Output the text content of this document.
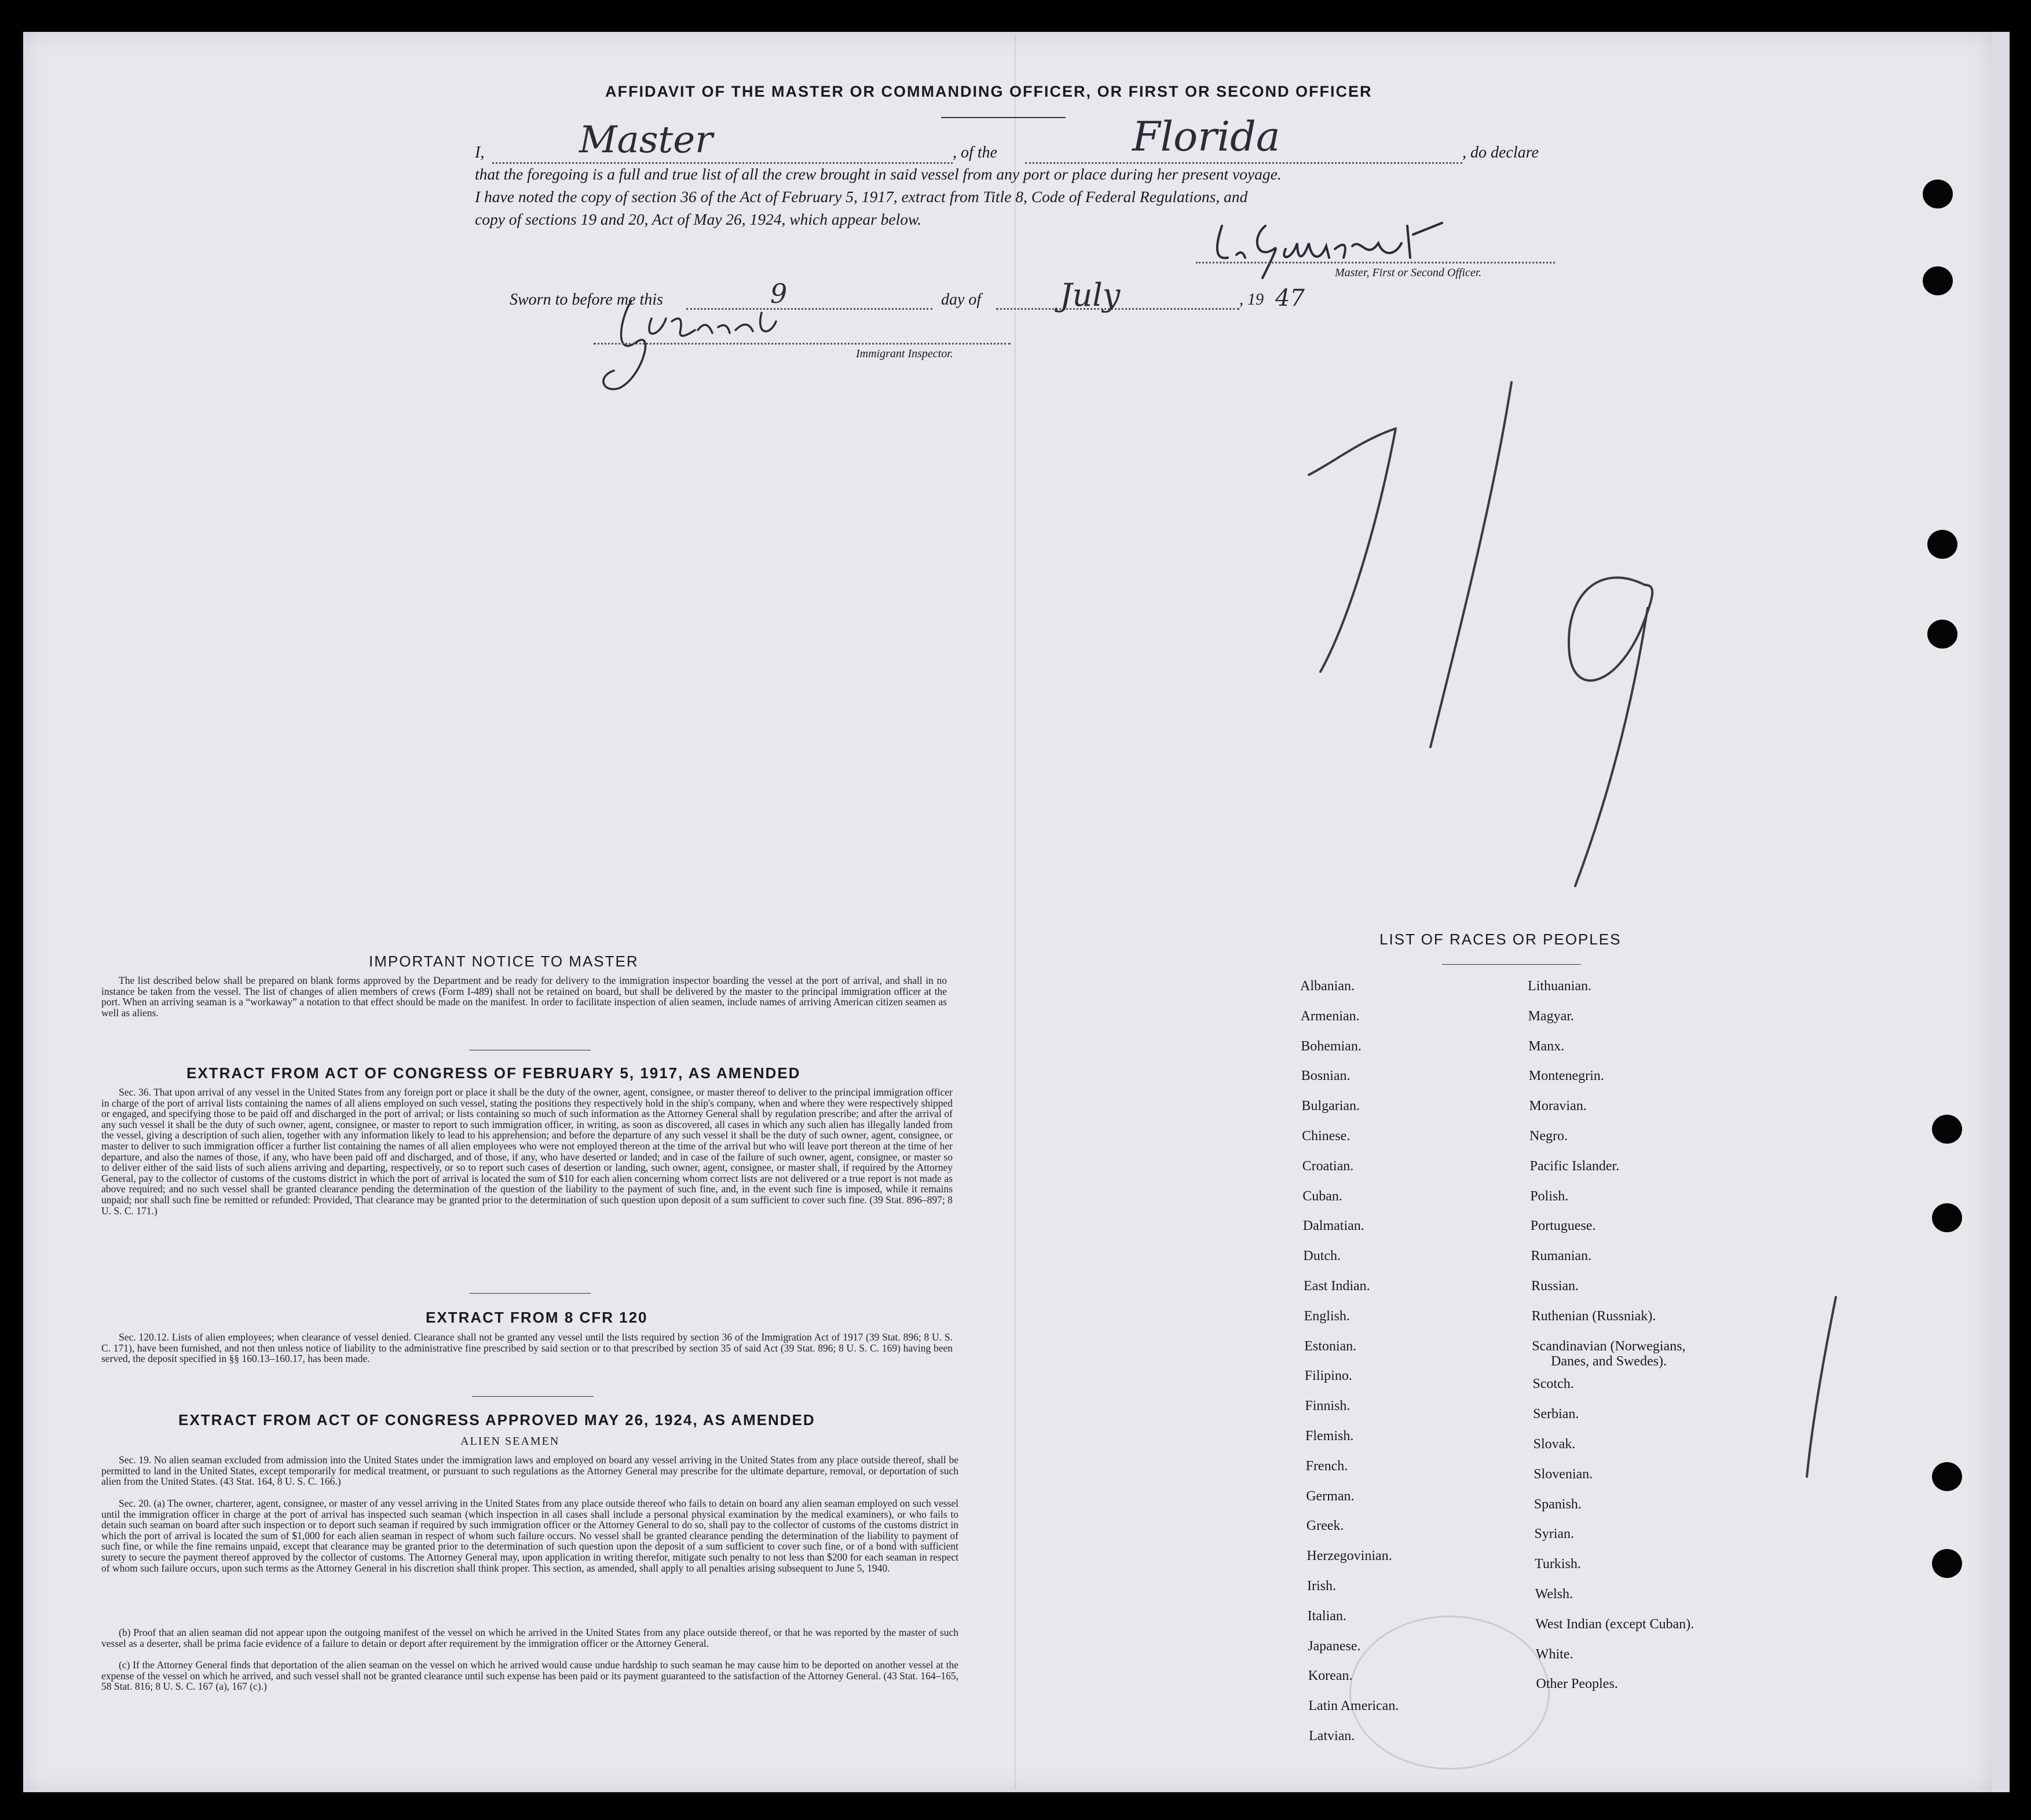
AFFIDAVIT OF THE MASTER OR COMMANDING OFFICER, OR FIRST OR SECOND OFFICER
I,	Master	, of the	Florida	, do declare
that the foregoing is a full and true list of all the crew brought in said vessel from any port or place during her present voyage.
I have noted the copy of section 36 of the Act of February 5, 1917, extract from Title 8, Code of Federal Regulations, and
copy of sections 19 and 20, Act of May 26, 1924, which appear below.
Master, First or Second Officer.
Sworn to before me this	9	day of	July	, 19 47
Immigrant Inspector.
IMPORTANT NOTICE TO MASTER
The list described below shall be prepared on blank forms approved by the Department and be ready for delivery to the immigration inspector boarding the vessel at the port of arrival, and shall in no instance be taken from the vessel. The list of changes of alien members of crews (Form I-489) shall not be retained on board, but shall be delivered by the master to the principal immigration officer at the port. When an arriving seaman is a “workaway” a notation to that effect should be made on the manifest. In order to facilitate inspection of alien seamen, include names of arriving American citizen seamen as well as aliens.
EXTRACT FROM ACT OF CONGRESS OF FEBRUARY 5, 1917, AS AMENDED
Sec. 36. That upon arrival of any vessel in the United States from any foreign port or place it shall be the duty of the owner, agent, consignee, or master thereof to deliver to the principal immigration officer in charge of the port of arrival lists containing the names of all aliens employed on such vessel, stating the positions they respectively hold in the ship's company, when and where they were respectively shipped or engaged, and specifying those to be paid off and discharged in the port of arrival; or lists containing so much of such information as the Attorney General shall by regulation prescribe; and after the arrival of any such vessel it shall be the duty of such owner, agent, consignee, or master to report to such immigration officer, in writing, as soon as discovered, all cases in which any such alien has illegally landed from the vessel, giving a description of such alien, together with any information likely to lead to his apprehension; and before the departure of any such vessel it shall be the duty of such owner, agent, consignee, or master to deliver to such immigration officer a further list containing the names of all alien employees who were not employed thereon at the time of the arrival but who will leave port thereon at the time of her departure, and also the names of those, if any, who have been paid off and discharged, and of those, if any, who have deserted or landed; and in case of the failure of such owner, agent, consignee, or master so to deliver either of the said lists of such aliens arriving and departing, respectively, or so to report such cases of desertion or landing, such owner, agent, consignee, or master shall, if required by the Attorney General, pay to the collector of customs of the customs district in which the port of arrival is located the sum of $10 for each alien concerning whom correct lists are not delivered or a true report is not made as above required; and no such vessel shall be granted clearance pending the determination of the question of the liability to the payment of such fine, and, in the event such fine is imposed, while it remains unpaid; nor shall such fine be remitted or refunded: Provided, That clearance may be granted prior to the determination of such question upon deposit of a sum sufficient to cover such fine. (39 Stat. 896–897; 8 U. S. C. 171.)
EXTRACT FROM 8 CFR 120
Sec. 120.12. Lists of alien employees; when clearance of vessel denied. Clearance shall not be granted any vessel until the lists required by section 36 of the Immigration Act of 1917 (39 Stat. 896; 8 U. S. C. 171), have been furnished, and not then unless notice of liability to the administrative fine prescribed by said section or to that prescribed by section 35 of said Act (39 Stat. 896; 8 U. S. C. 169) having been served, the deposit specified in §§ 160.13–160.17, has been made.
EXTRACT FROM ACT OF CONGRESS APPROVED MAY 26, 1924, AS AMENDED
ALIEN SEAMEN
Sec. 19. No alien seaman excluded from admission into the United States under the immigration laws and employed on board any vessel arriving in the United States from any place outside thereof, shall be permitted to land in the United States, except temporarily for medical treatment, or pursuant to such regulations as the Attorney General may prescribe for the ultimate departure, removal, or deportation of such alien from the United States. (43 Stat. 164, 8 U. S. C. 166.)
Sec. 20. (a) The owner, charterer, agent, consignee, or master of any vessel arriving in the United States from any place outside thereof who fails to detain on board any alien seaman employed on such vessel until the immigration officer in charge at the port of arrival has inspected such seaman (which inspection in all cases shall include a personal physical examination by the medical examiners), or who fails to detain such seaman on board after such inspection or to deport such seaman if required by such immigration officer or the Attorney General to do so, shall pay to the collector of customs of the customs district in which the port of arrival is located the sum of $1,000 for each alien seaman in respect of whom such failure occurs. No vessel shall be granted clearance pending the determination of the liability to payment of such fine, or while the fine remains unpaid, except that clearance may be granted prior to the determination of such question upon the deposit of a sum sufficient to cover such fine, or of a bond with sufficient surety to secure the payment thereof approved by the collector of customs. The Attorney General may, upon application in writing therefor, mitigate such penalty to not less than $200 for each seaman in respect of whom such failure occurs, upon such terms as the Attorney General in his discretion shall think proper. This section, as amended, shall apply to all penalties arising subsequent to June 5, 1940.
(b) Proof that an alien seaman did not appear upon the outgoing manifest of the vessel on which he arrived in the United States from any place outside thereof, or that he was reported by the master of such vessel as a deserter, shall be prima facie evidence of a failure to detain or deport after requirement by the immigration officer or the Attorney General.
(c) If the Attorney General finds that deportation of the alien seaman on the vessel on which he arrived would cause undue hardship to such seaman he may cause him to be deported on another vessel at the expense of the vessel on which he arrived, and such vessel shall not be granted clearance until such expense has been paid or its payment guaranteed to the satisfaction of the Attorney General. (43 Stat. 164–165, 58 Stat. 816; 8 U. S. C. 167 (a), 167 (c).)
LIST OF RACES OR PEOPLES
Albanian.
Armenian.
Bohemian.
Bosnian.
Bulgarian.
Chinese.
Croatian.
Cuban.
Dalmatian.
Dutch.
East Indian.
English.
Estonian.
Filipino.
Finnish.
Flemish.
French.
German.
Greek.
Herzegovinian.
Irish.
Italian.
Japanese.
Korean.
Latin American.
Latvian.
Lithuanian.
Magyar.
Manx.
Montenegrin.
Moravian.
Negro.
Pacific Islander.
Polish.
Portuguese.
Rumanian.
Russian.
Ruthenian (Russniak).
Scandinavian (Norwegians,
Danes, and Swedes).
Scotch.
Serbian.
Slovak.
Slovenian.
Spanish.
Syrian.
Turkish.
Welsh.
West Indian (except Cuban).
White.
Other Peoples.
